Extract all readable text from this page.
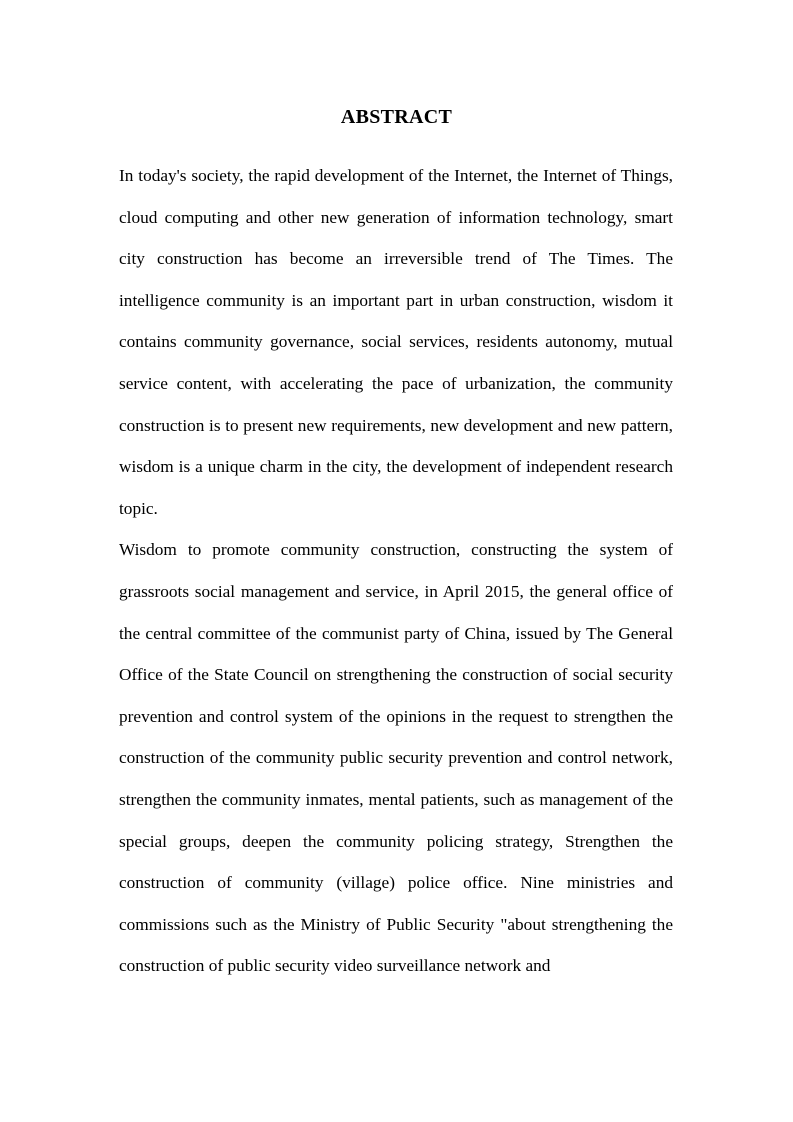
ABSTRACT

In today's society, the rapid development of the Internet, the Internet of Things, cloud computing and other new generation of information technology, smart city construction has become an irreversible trend of The Times. The intelligence community is an important part in urban construction, wisdom it contains community governance, social services, residents autonomy, mutual service content, with accelerating the pace of urbanization, the community construction is to present new requirements, new development and new pattern, wisdom is a unique charm in the city, the development of independent research topic.

Wisdom to promote community construction, constructing the system of grassroots social management and service, in April 2015, the general office of the central committee of the communist party of China, issued by The General Office of the State Council on strengthening the construction of social security prevention and control system of the opinions in the request to strengthen the construction of the community public security prevention and control network, strengthen the community inmates, mental patients, such as management of the special groups, deepen the community policing strategy, Strengthen the construction of community (village) police office. Nine ministries and commissions such as the Ministry of Public Security "about strengthening the construction of public security video surveillance network and
